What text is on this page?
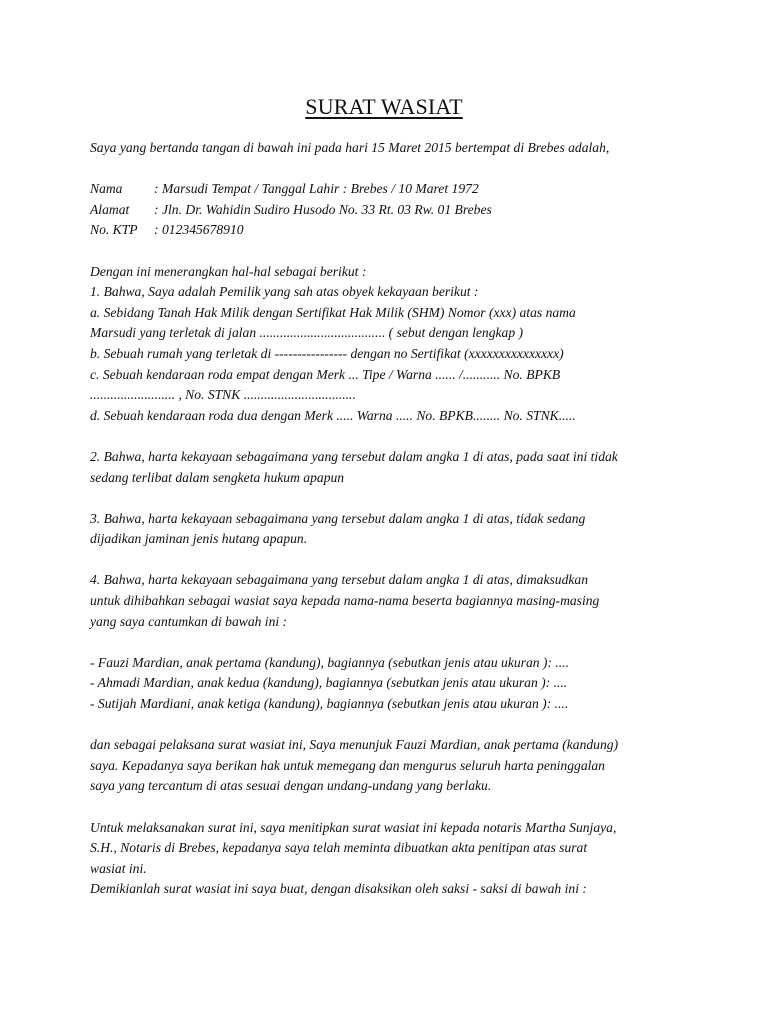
SURAT WASIAT
Saya yang bertanda tangan di bawah ini pada hari 15 Maret 2015 bertempat di Brebes adalah,
Nama	: Marsudi Tempat / Tanggal Lahir : Brebes / 10 Maret 1972
Alamat	: Jln. Dr. Wahidin Sudiro Husodo No. 33 Rt. 03 Rw. 01 Brebes
No. KTP	: 012345678910
Dengan ini menerangkan hal-hal sebagai berikut :
1. Bahwa, Saya adalah Pemilik yang sah atas obyek kekayaan berikut :
a. Sebidang Tanah Hak Milik dengan Sertifikat Hak Milik (SHM) Nomor (xxx) atas nama
Marsudi yang terletak di jalan ..................................... ( sebut dengan lengkap )
b. Sebuah rumah yang terletak di ---------------- dengan no Sertifikat (xxxxxxxxxxxxxxx)
c. Sebuah kendaraan roda empat dengan Merk ... Tipe / Warna ...... /........... No. BPKB
......................... , No. STNK .................................
d. Sebuah kendaraan roda dua dengan Merk ..... Warna ..... No. BPKB........ No. STNK.....
2. Bahwa, harta kekayaan sebagaimana yang tersebut dalam angka 1 di atas, pada saat ini tidak
sedang terlibat dalam sengketa hukum apapun
3. Bahwa, harta kekayaan sebagaimana yang tersebut dalam angka 1 di atas, tidak sedang
dijadikan jaminan jenis hutang apapun.
4. Bahwa, harta kekayaan sebagaimana yang tersebut dalam angka 1 di atas, dimaksudkan
untuk dihibahkan sebagai wasiat saya kepada nama-nama beserta bagiannya masing-masing
yang saya cantumkan di bawah ini :
- Fauzi Mardian, anak pertama (kandung), bagiannya (sebutkan jenis atau ukuran ): ....
- Ahmadi Mardian, anak kedua (kandung), bagiannya (sebutkan jenis atau ukuran ): ....
- Sutijah Mardiani, anak ketiga (kandung), bagiannya (sebutkan jenis atau ukuran ): ....
dan sebagai pelaksana surat wasiat ini, Saya menunjuk Fauzi Mardian, anak pertama (kandung)
saya. Kepadanya saya berikan hak untuk memegang dan mengurus seluruh harta peninggalan
saya yang tercantum di atas sesuai dengan undang-undang yang berlaku.
Untuk melaksanakan surat ini, saya menitipkan surat wasiat ini kepada notaris Martha Sunjaya,
S.H., Notaris di Brebes, kepadanya saya telah meminta dibuatkan akta penitipan atas surat
wasiat ini.
Demikianlah surat wasiat ini saya buat, dengan disaksikan oleh saksi - saksi di bawah ini :
